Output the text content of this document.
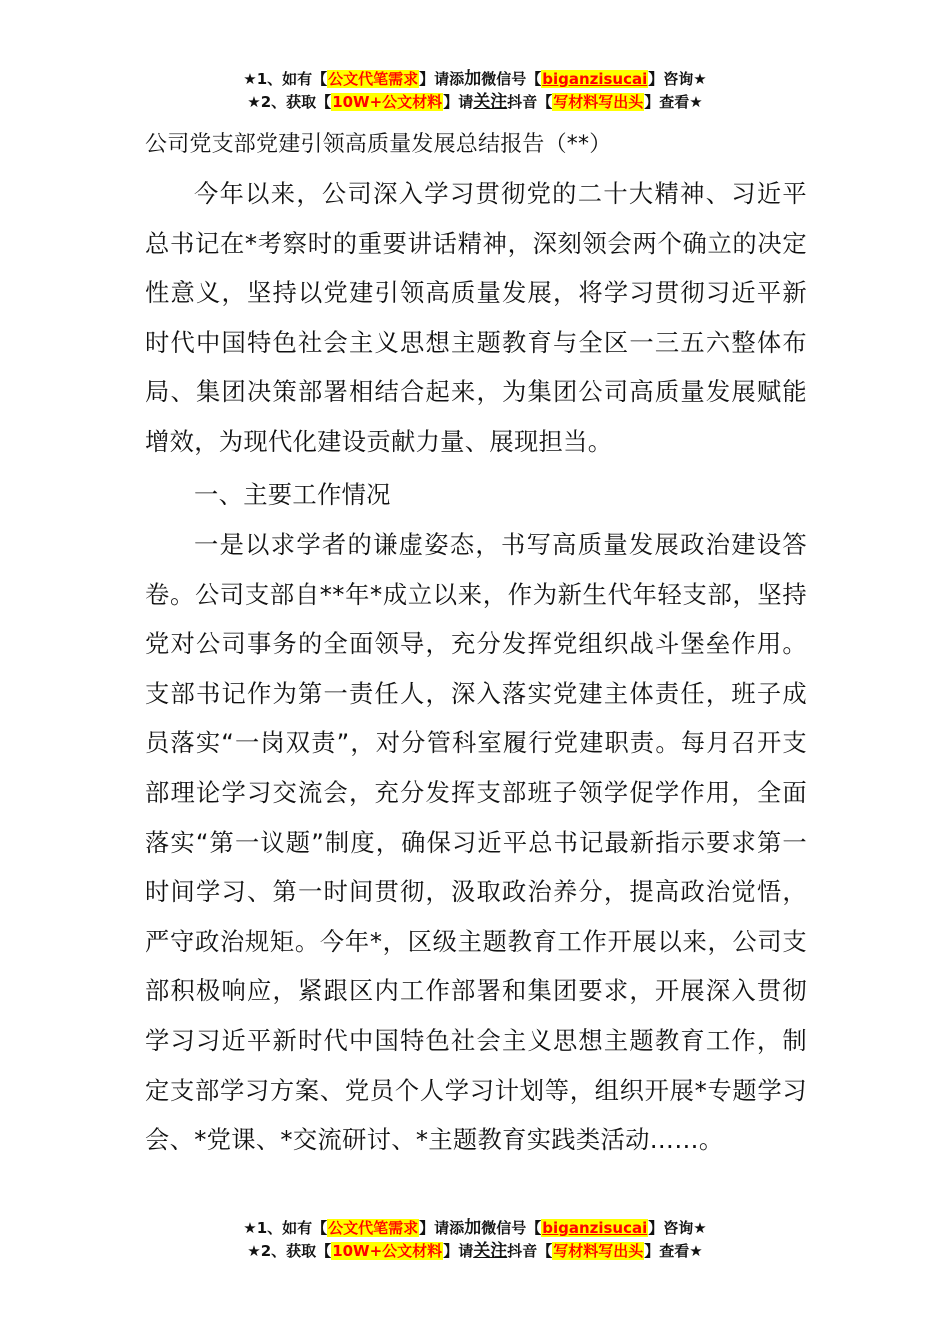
★1、如有【公文代笔需求】请添加微信号【biganzisucai】咨询★
★2、获取【10W+公文材料】请关注抖音【写材料写出头】查看★
公司党支部党建引领高质量发展总结报告（**）

今年以来，公司深入学习贯彻党的二十大精神、习近平总书记在*考察时的重要讲话精神，深刻领会两个确立的决定性意义，坚持以党建引领高质量发展，将学习贯彻习近平新时代中国特色社会主义思想主题教育与全区一三五六整体布局、集团决策部署相结合起来，为集团公司高质量发展赋能增效，为现代化建设贡献力量、展现担当。

一、主要工作情况

一是以求学者的谦虚姿态，书写高质量发展政治建设答卷。公司支部自**年*成立以来，作为新生代年轻支部，坚持党对公司事务的全面领导，充分发挥党组织战斗堡垒作用。支部书记作为第一责任人，深入落实党建主体责任，班子成员落实“一岗双责”，对分管科室履行党建职责。每月召开支部理论学习交流会，充分发挥支部班子领学促学作用，全面落实“第一议题”制度，确保习近平总书记最新指示要求第一时间学习、第一时间贯彻，汲取政治养分，提高政治觉悟，严守政治规矩。今年*，区级主题教育工作开展以来，公司支部积极响应，紧跟区内工作部署和集团要求，开展深入贯彻学习习近平新时代中国特色社会主义思想主题教育工作，制定支部学习方案、党员个人学习计划等，组织开展*专题学习会、*党课、*交流研讨、*主题教育实践类活动……。

★1、如有【公文代笔需求】请添加微信号【biganzisucai】咨询★
★2、获取【10W+公文材料】请关注抖音【写材料写出头】查看★
